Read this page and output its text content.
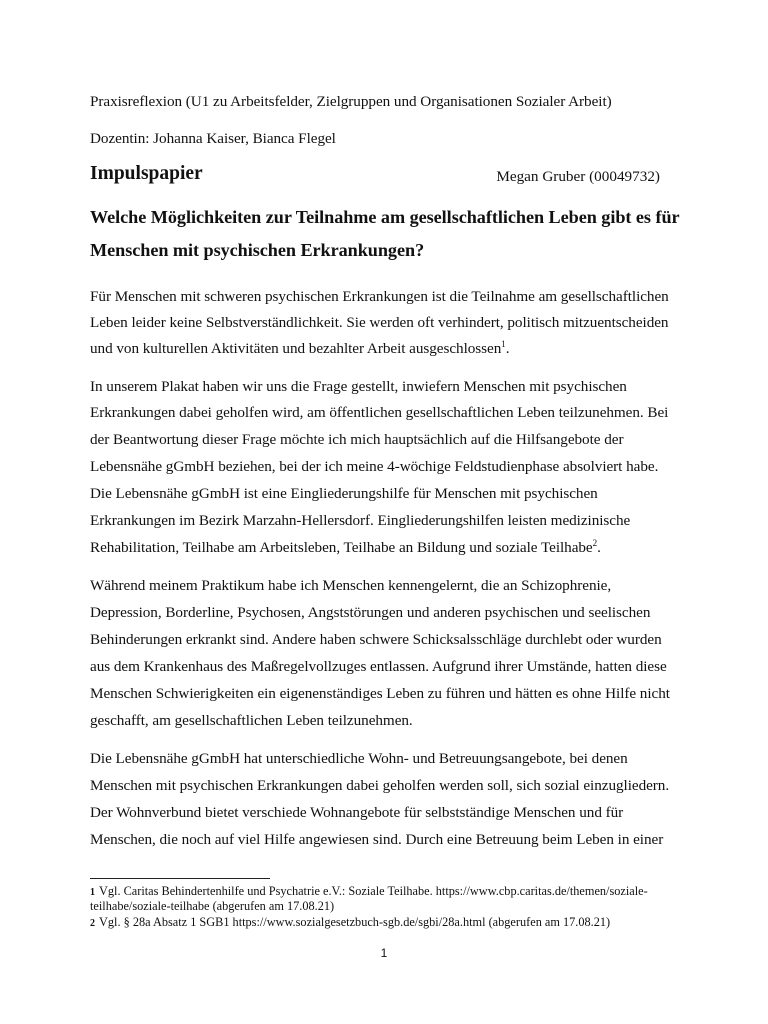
Praxisreflexion (U1 zu Arbeitsfelder, Zielgruppen und Organisationen Sozialer Arbeit)
Dozentin: Johanna Kaiser, Bianca Flegel
Impulspapier	Megan Gruber (00049732)
Welche Möglichkeiten zur Teilnahme am gesellschaftlichen Leben gibt es für
Menschen mit psychischen Erkrankungen?
Für Menschen mit schweren psychischen Erkrankungen ist die Teilnahme am gesellschaftlichen
Leben leider keine Selbstverständlichkeit. Sie werden oft verhindert, politisch mitzuentscheiden
und von kulturellen Aktivitäten und bezahlter Arbeit ausgeschlossen$^1$.
In unserem Plakat haben wir uns die Frage gestellt, inwiefern Menschen mit psychischen
Erkrankungen dabei geholfen wird, am öffentlichen gesellschaftlichen Leben teilzunehmen. Bei
der Beantwortung dieser Frage möchte ich mich hauptsächlich auf die Hilfsangebote der
Lebensnähe gGmbH beziehen, bei der ich meine 4-wöchige Feldstudienphase absolviert habe.
Die Lebensnähe gGmbH ist eine Eingliederungshilfe für Menschen mit psychischen
Erkrankungen im Bezirk Marzahn-Hellersdorf. Eingliederungshilfen leisten medizinische
Rehabilitation, Teilhabe am Arbeitsleben, Teilhabe an Bildung und soziale Teilhabe$^2$.
Während meinem Praktikum habe ich Menschen kennengelernt, die an Schizophrenie,
Depression, Borderline, Psychosen, Angststörungen und anderen psychischen und seelischen
Behinderungen erkrankt sind. Andere haben schwere Schicksalsschläge durchlebt oder wurden
aus dem Krankenhaus des Maßregelvollzuges entlassen. Aufgrund ihrer Umstände, hatten diese
Menschen Schwierigkeiten ein eigenenständiges Leben zu führen und hätten es ohne Hilfe nicht
geschafft, am gesellschaftlichen Leben teilzunehmen.
Die Lebensnähe gGmbH hat unterschiedliche Wohn- und Betreuungsangebote, bei denen
Menschen mit psychischen Erkrankungen dabei geholfen werden soll, sich sozial einzugliedern.
Der Wohnverbund bietet verschiede Wohnangebote für selbstständige Menschen und für
Menschen, die noch auf viel Hilfe angewiesen sind. Durch eine Betreuung beim Leben in einer
1 Vgl. Caritas Behindertenhilfe und Psychatrie e.V.: Soziale Teilhabe. https://www.cbp.caritas.de/themen/soziale-
teilhabe/soziale-teilhabe (abgerufen am 17.08.21)
2 Vgl. § 28a Absatz 1 SGB1 https://www.sozialgesetzbuch-sgb.de/sgbi/28a.html (abgerufen am 17.08.21)
1
